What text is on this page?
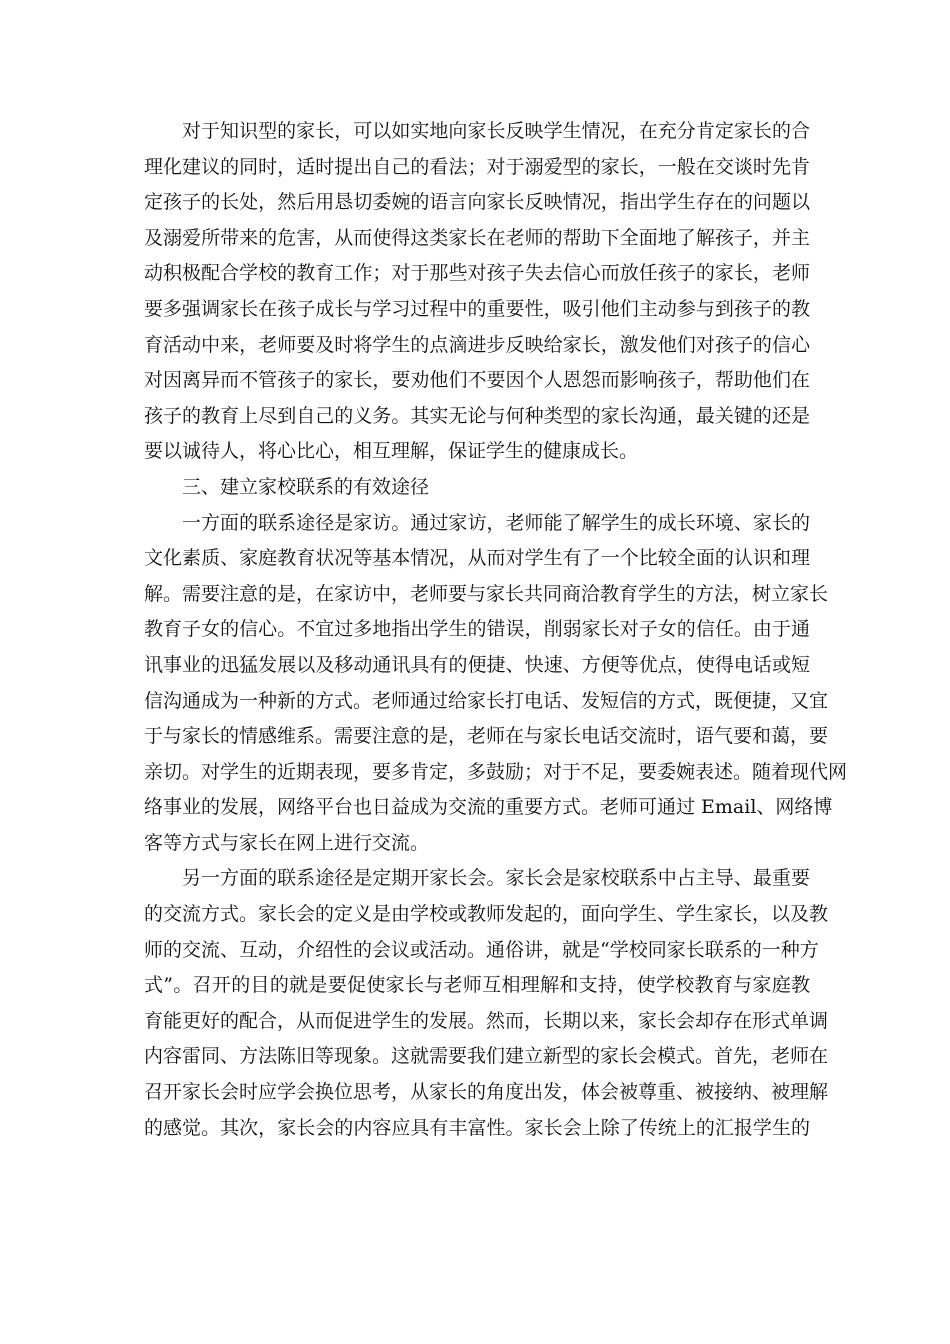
对于知识型的家长，可以如实地向家长反映学生情况，在充分肯定家长的合
理化建议的同时，适时提出自己的看法；对于溺爱型的家长，一般在交谈时先肯
定孩子的长处，然后用恳切委婉的语言向家长反映情况，指出学生存在的问题以
及溺爱所带来的危害，从而使得这类家长在老师的帮助下全面地了解孩子，并主
动积极配合学校的教育工作；对于那些对孩子失去信心而放任孩子的家长，老师
要多强调家长在孩子成长与学习过程中的重要性，吸引他们主动参与到孩子的教
育活动中来，老师要及时将学生的点滴进步反映给家长，激发他们对孩子的信心
对因离异而不管孩子的家长，要劝他们不要因个人恩怨而影响孩子，帮助他们在
孩子的教育上尽到自己的义务。其实无论与何种类型的家长沟通，最关键的还是
要以诚待人，将心比心，相互理解，保证学生的健康成长。
三、建立家校联系的有效途径
一方面的联系途径是家访。通过家访，老师能了解学生的成长环境、家长的
文化素质、家庭教育状况等基本情况，从而对学生有了一个比较全面的认识和理
解。需要注意的是，在家访中，老师要与家长共同商洽教育学生的方法，树立家长
教育子女的信心。不宜过多地指出学生的错误，削弱家长对子女的信任。由于通
讯事业的迅猛发展以及移动通讯具有的便捷、快速、方便等优点，使得电话或短
信沟通成为一种新的方式。老师通过给家长打电话、发短信的方式，既便捷，又宜
于与家长的情感维系。需要注意的是，老师在与家长电话交流时，语气要和蔼，要
亲切。对学生的近期表现，要多肯定，多鼓励；对于不足，要委婉表述。随着现代网
络事业的发展，网络平台也日益成为交流的重要方式。老师可通过 Email、网络博
客等方式与家长在网上进行交流。
另一方面的联系途径是定期开家长会。家长会是家校联系中占主导、最重要
的交流方式。家长会的定义是由学校或教师发起的，面向学生、学生家长，以及教
师的交流、互动，介绍性的会议或活动。通俗讲，就是“学校同家长联系的一种方
式”。召开的目的就是要促使家长与老师互相理解和支持，使学校教育与家庭教
育能更好的配合，从而促进学生的发展。然而，长期以来，家长会却存在形式单调
内容雷同、方法陈旧等现象。这就需要我们建立新型的家长会模式。首先，老师在
召开家长会时应学会换位思考，从家长的角度出发，体会被尊重、被接纳、被理解
的感觉。其次，家长会的内容应具有丰富性。家长会上除了传统上的汇报学生的
